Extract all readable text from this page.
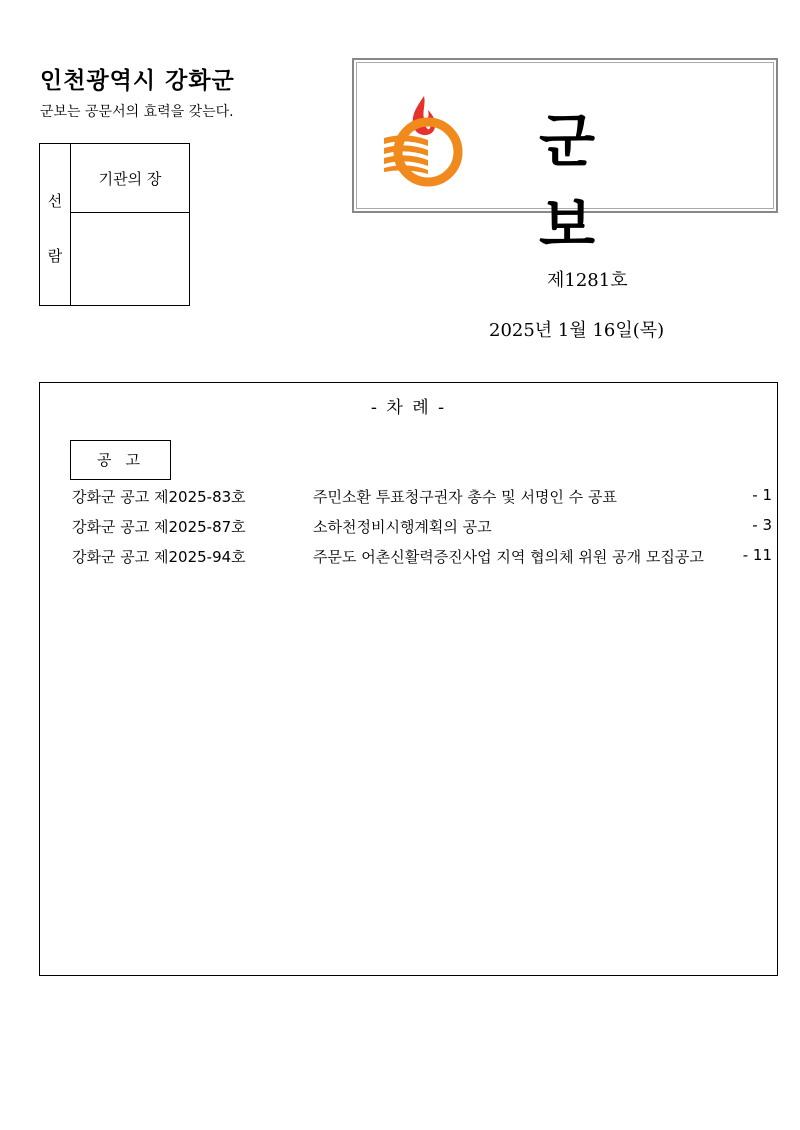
인천광역시 강화군
군보는 공문서의 효력을 갖는다.
선
람
기관의 장
군보
제1281호
2025년 1월 16일(목)
- 차 례 -
공고
강화군 공고 제2025-83호	주민소환 투표청구권자 총수 및 서명인 수 공표	- 1
강화군 공고 제2025-87호	소하천정비시행계획의 공고	- 3
강화군 공고 제2025-94호	주문도 어촌신활력증진사업 지역 협의체 위원 공개 모집공고	- 11
